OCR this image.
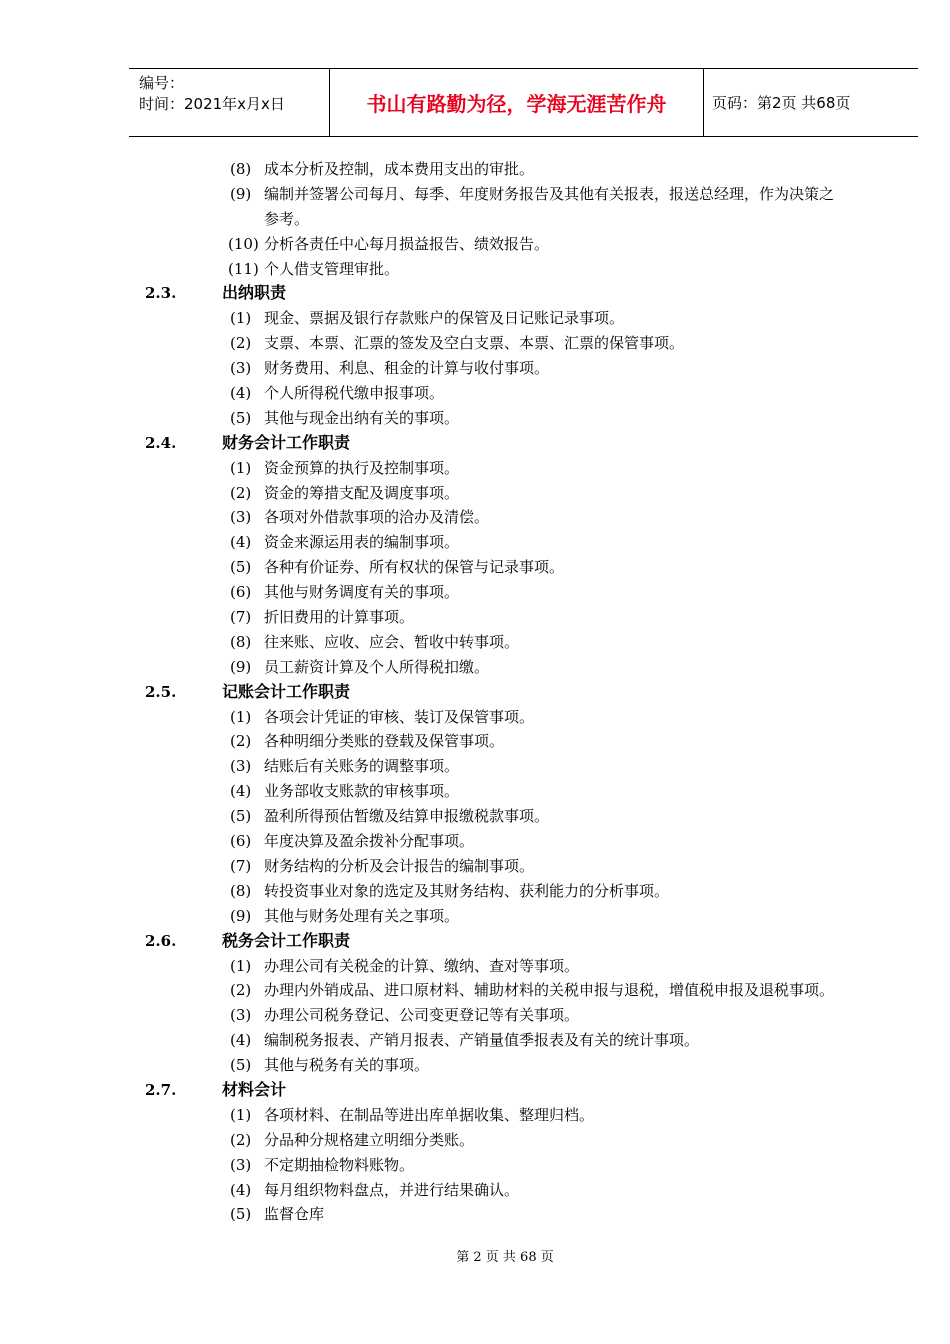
编号：
时间：2021年x月x日	书山有路勤为径，学海无涯苦作舟	页码：第2页 共68页
(8) 成本分析及控制，成本费用支出的审批。
(9) 编制并签署公司每月、每季、年度财务报告及其他有关报表，报送总经理，作为决策之
参考。
(10) 分析各责任中心每月损益报告、绩效报告。
(11) 个人借支管理审批。
2.3.	出纳职责
(1) 现金、票据及银行存款账户的保管及日记账记录事项。
(2) 支票、本票、汇票的签发及空白支票、本票、汇票的保管事项。
(3) 财务费用、利息、租金的计算与收付事项。
(4) 个人所得税代缴申报事项。
(5) 其他与现金出纳有关的事项。
2.4.	财务会计工作职责
(1) 资金预算的执行及控制事项。
(2) 资金的筹措支配及调度事项。
(3) 各项对外借款事项的洽办及清偿。
(4) 资金来源运用表的编制事项。
(5) 各种有价证券、所有权状的保管与记录事项。
(6) 其他与财务调度有关的事项。
(7) 折旧费用的计算事项。
(8) 往来账、应收、应会、暂收中转事项。
(9) 员工薪资计算及个人所得税扣缴。
2.5.	记账会计工作职责
(1) 各项会计凭证的审核、装订及保管事项。
(2) 各种明细分类账的登载及保管事项。
(3) 结账后有关账务的调整事项。
(4) 业务部收支账款的审核事项。
(5) 盈利所得预估暂缴及结算申报缴税款事项。
(6) 年度决算及盈余拨补分配事项。
(7) 财务结构的分析及会计报告的编制事项。
(8) 转投资事业对象的选定及其财务结构、获利能力的分析事项。
(9) 其他与财务处理有关之事项。
2.6.	税务会计工作职责
(1) 办理公司有关税金的计算、缴纳、查对等事项。
(2) 办理内外销成品、进口原材料、辅助材料的关税申报与退税，增值税申报及退税事项。
(3) 办理公司税务登记、公司变更登记等有关事项。
(4) 编制税务报表、产销月报表、产销量值季报表及有关的统计事项。
(5) 其他与税务有关的事项。
2.7.	材料会计
(1) 各项材料、在制品等进出库单据收集、整理归档。
(2) 分品种分规格建立明细分类账。
(3) 不定期抽检物料账物。
(4) 每月组织物料盘点，并进行结果确认。
(5) 监督仓库
第 2 页 共 68 页
